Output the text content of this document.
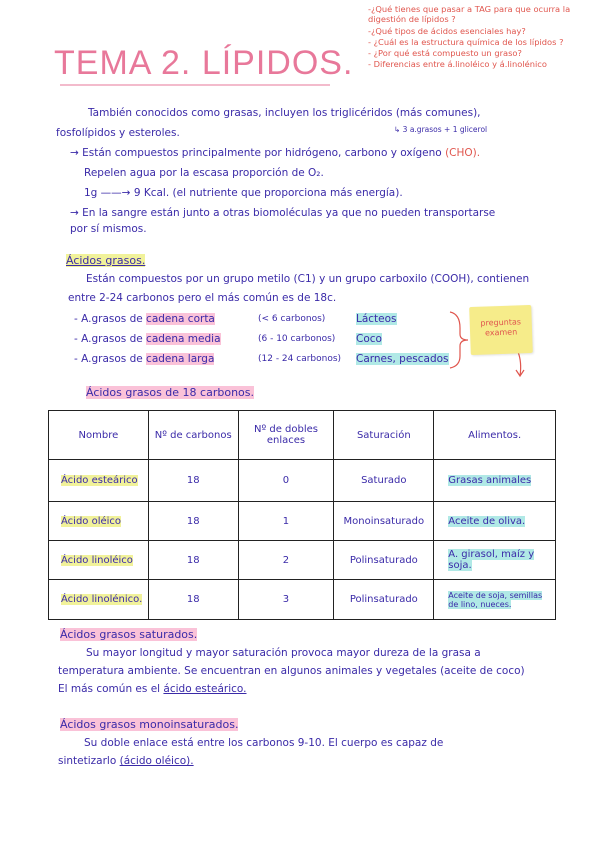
-¿Qué tienes que pasar a TAG para que ocurra la digestión de lípidos ?
-¿Qué tipos de ácidos esenciales hay?
- ¿Cuál es la estructura química de los lípidos ?
- ¿Por qué está compuesto un graso?
- Diferencias entre á.linoléico y á.linolénico
TEMA 2. LÍPIDOS.
También conocidos como grasas, incluyen los triglicéridos (más comunes),
↳ 3 a.grasos + 1 glicerol
fosfolípidos y esteroles.
→ Están compuestos principalmente por hidrógeno, carbono y oxígeno (CHO).
Repelen agua por la escasa proporción de O₂.
1g ——→ 9 Kcal. (el nutriente que proporciona más energía).
→ En la sangre están junto a otras biomoléculas ya que no pueden transportarse
por sí mismos.
Ácidos grasos.
Están compuestos por un grupo metilo (C1) y un grupo carboxilo (COOH), contienen
entre 2-24 carbonos pero el más común es de 18c.
- A.grasos de cadena corta	(< 6 carbonos)	Lácteos
- A.grasos de cadena media	(6 - 10 carbonos) Coco
- A.grasos de cadena larga	(12 - 24 carbonos) Carnes, pescados
preguntas examen
Ácidos grasos de 18 carbonos.
Nombre	Nº de carbonos	Nº de dobles enlaces	Saturación	Alimentos.
Ácido esteárico	18	0	Saturado	Grasas animales
Ácido oléico	18	1	Monoinsaturado	Aceite de oliva.
Ácido linoléico	18	2	Polinsaturado	A. girasol, maíz y soja.
Ácido linolénico.	18	3	Polinsaturado	Aceite de soja, semillas de lino, nueces.
Ácidos grasos saturados.
Su mayor longitud y mayor saturación provoca mayor dureza de la grasa a
temperatura ambiente. Se encuentran en algunos animales y vegetales (aceite de coco)
El más común es el ácido esteárico.
Ácidos grasos monoinsaturados.
Su doble enlace está entre los carbonos 9-10. El cuerpo es capaz de
sintetizarlo (ácido oléico).
